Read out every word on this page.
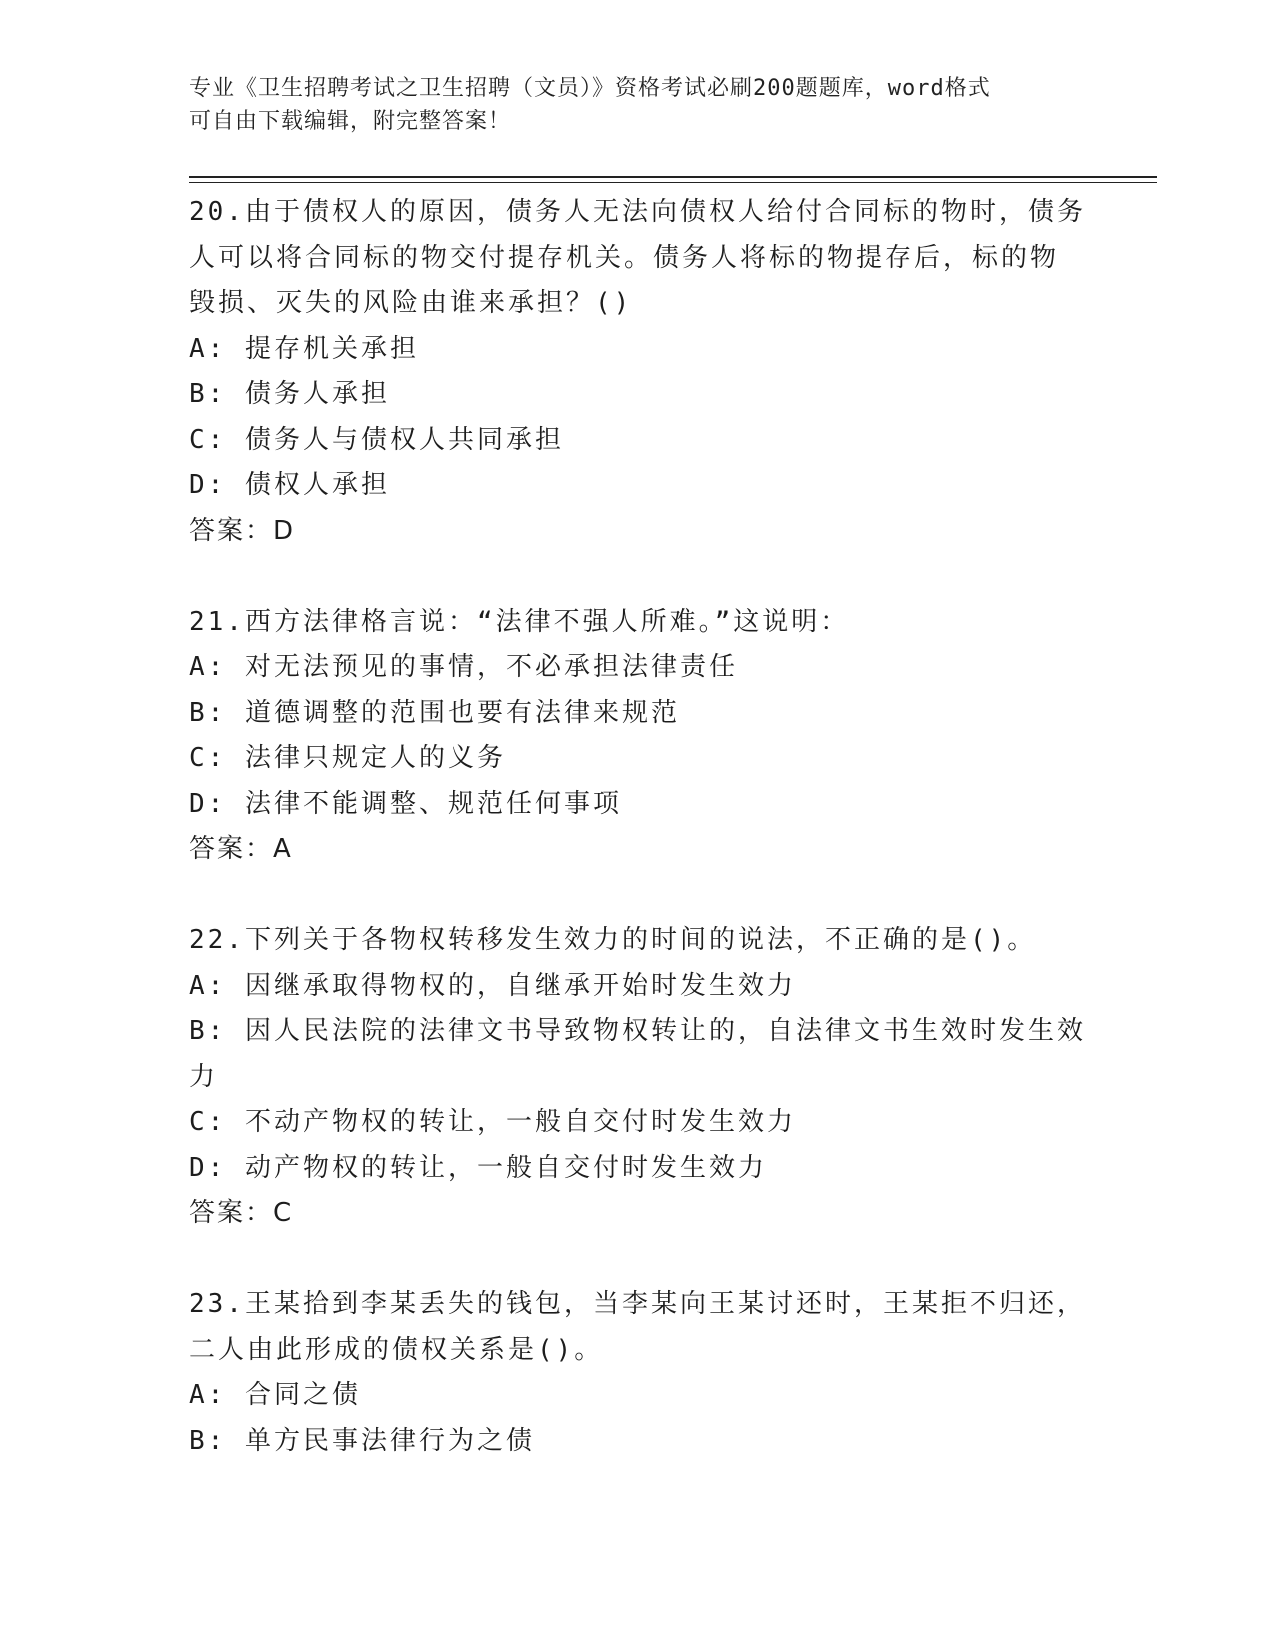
专业《卫生招聘考试之卫生招聘（文员）》资格考试必刷200题题库，word格式
可自由下载编辑，附完整答案！
20.由于债权人的原因，债务人无法向债权人给付合同标的物时，债务
人可以将合同标的物交付提存机关。债务人将标的物提存后，标的物
毁损、灭失的风险由谁来承担？()
A: 提存机关承担
B: 债务人承担
C: 债务人与债权人共同承担
D: 债权人承担
答案：D
21.西方法律格言说：“法律不强人所难。”这说明：
A: 对无法预见的事情，不必承担法律责任
B: 道德调整的范围也要有法律来规范
C: 法律只规定人的义务
D: 法律不能调整、规范任何事项
答案：A
22.下列关于各物权转移发生效力的时间的说法，不正确的是()。
A: 因继承取得物权的，自继承开始时发生效力
B: 因人民法院的法律文书导致物权转让的，自法律文书生效时发生效
力
C: 不动产物权的转让，一般自交付时发生效力
D: 动产物权的转让，一般自交付时发生效力
答案：C
23.王某拾到李某丢失的钱包，当李某向王某讨还时，王某拒不归还，
二人由此形成的债权关系是()。
A: 合同之债
B: 单方民事法律行为之债
